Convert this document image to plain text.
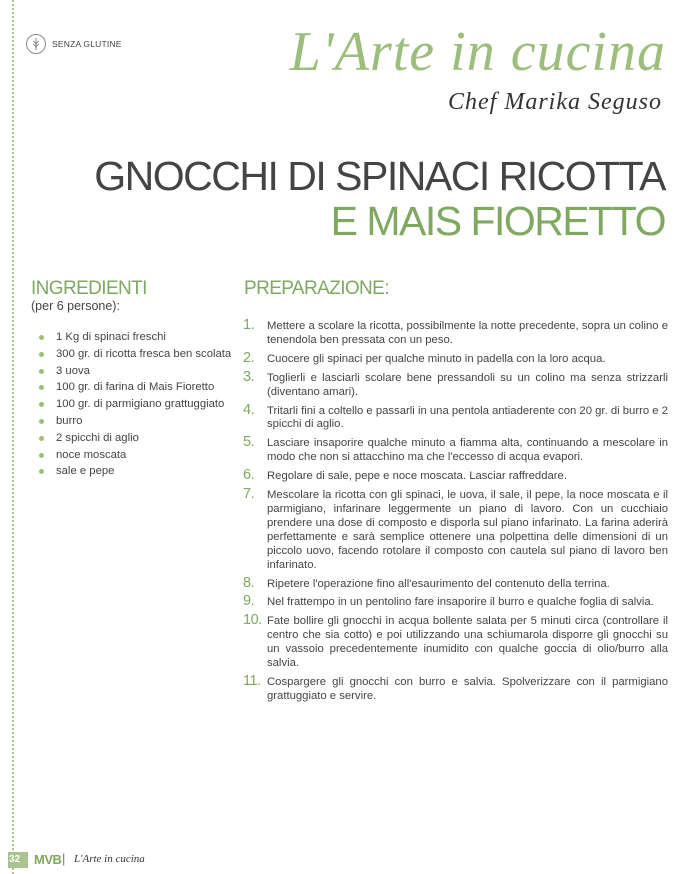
SENZA GLUTINE	L'Arte in cucina
Chef Marika Seguso
GNOCCHI DI SPINACI RICOTTA
E MAIS FIORETTO
INGREDIENTI
(per 6 persone):
1 Kg di spinaci freschi
300 gr. di ricotta fresca ben scolata
3 uova
100 gr. di farina di Mais Fioretto
100 gr. di parmigiano grattuggiato
burro
2 spicchi di aglio
noce moscata
sale e pepe
PREPARAZIONE:
1. Mettere a scolare la ricotta, possibilmente la notte precedente, sopra un colino e tenendola ben pressata con un peso.
2. Cuocere gli spinaci per qualche minuto in padella con la loro acqua.
3. Toglierli e lasciarli scolare bene pressandoli su un colino ma senza strizzarli (diventano amari).
4. Tritarli fini a coltello e passarli in una pentola antiaderente con 20 gr. di burro e 2 spicchi di aglio.
5. Lasciare insaporire qualche minuto a fiamma alta, continuando a mescolare in modo che non si attacchino ma che l'eccesso di acqua evapori.
6. Regolare di sale, pepe e noce moscata. Lasciar raffreddare.
7. Mescolare la ricotta con gli spinaci, le uova, il sale, il pepe, la noce moscata e il parmigiano, infarinare leggermente un piano di lavoro. Con un cucchiaio prendere una dose di composto e disporla sul piano infarinato. La farina aderirà perfettamente e sarà semplice ottenere una polpettina delle dimensioni di un piccolo uovo, facendo rotolare il composto con cautela sul piano di lavoro ben infarinato.
8. Ripetere l'operazione fino all'esaurimento del contenuto della terrina.
9. Nel frattempo in un pentolino fare insaporire il burro e qualche foglia di salvia.
10. Fate bollire gli gnocchi in acqua bollente salata per 5 minuti circa (controllare il centro che sia cotto) e poi utilizzando una schiumarola disporre gli gnocchi su un vassoio precedentemente inumidito con qualche goccia di olio/burro alla salvia.
11. Cospargere gli gnocchi con burro e salvia. Spolverizzare con il parmigiano grattuggiato e servire.
32 MVB | L'Arte in cucina
